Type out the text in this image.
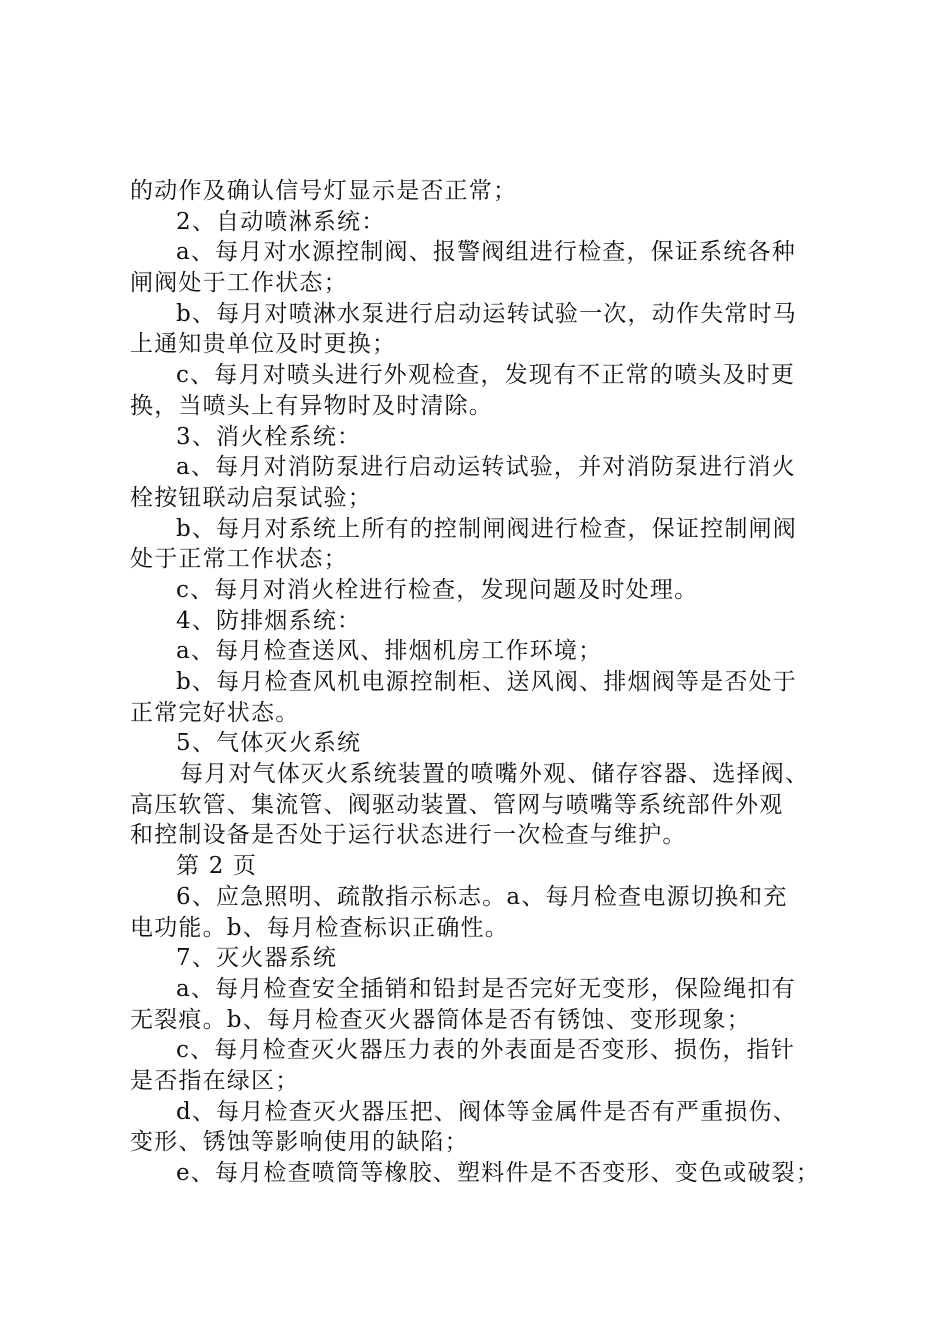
的动作及确认信号灯显示是否正常；
2、自动喷淋系统：
a、每月对水源控制阀、报警阀组进行检查，保证系统各种
闸阀处于工作状态；
b、每月对喷淋水泵进行启动运转试验一次，动作失常时马
上通知贵单位及时更换；
c、每月对喷头进行外观检查，发现有不正常的喷头及时更
换，当喷头上有异物时及时清除。
3、消火栓系统：
a、每月对消防泵进行启动运转试验，并对消防泵进行消火
栓按钮联动启泵试验；
b、每月对系统上所有的控制闸阀进行检查，保证控制闸阀
处于正常工作状态；
c、每月对消火栓进行检查，发现问题及时处理。
4、防排烟系统：
a、每月检查送风、排烟机房工作环境；
b、每月检查风机电源控制柜、送风阀、排烟阀等是否处于
正常完好状态。
5、气体灭火系统
每月对气体灭火系统装置的喷嘴外观、储存容器、选择阀、
高压软管、集流管、阀驱动装置、管网与喷嘴等系统部件外观
和控制设备是否处于运行状态进行一次检查与维护。
第 2 页
6、应急照明、疏散指示标志。a、每月检查电源切换和充
电功能。b、每月检查标识正确性。
7、灭火器系统
a、每月检查安全插销和铅封是否完好无变形，保险绳扣有
无裂痕。b、每月检查灭火器筒体是否有锈蚀、变形现象；
c、每月检查灭火器压力表的外表面是否变形、损伤，指针
是否指在绿区；
d、每月检查灭火器压把、阀体等金属件是否有严重损伤、
变形、锈蚀等影响使用的缺陷；
e、每月检查喷筒等橡胶、塑料件是不否变形、变色或破裂；
